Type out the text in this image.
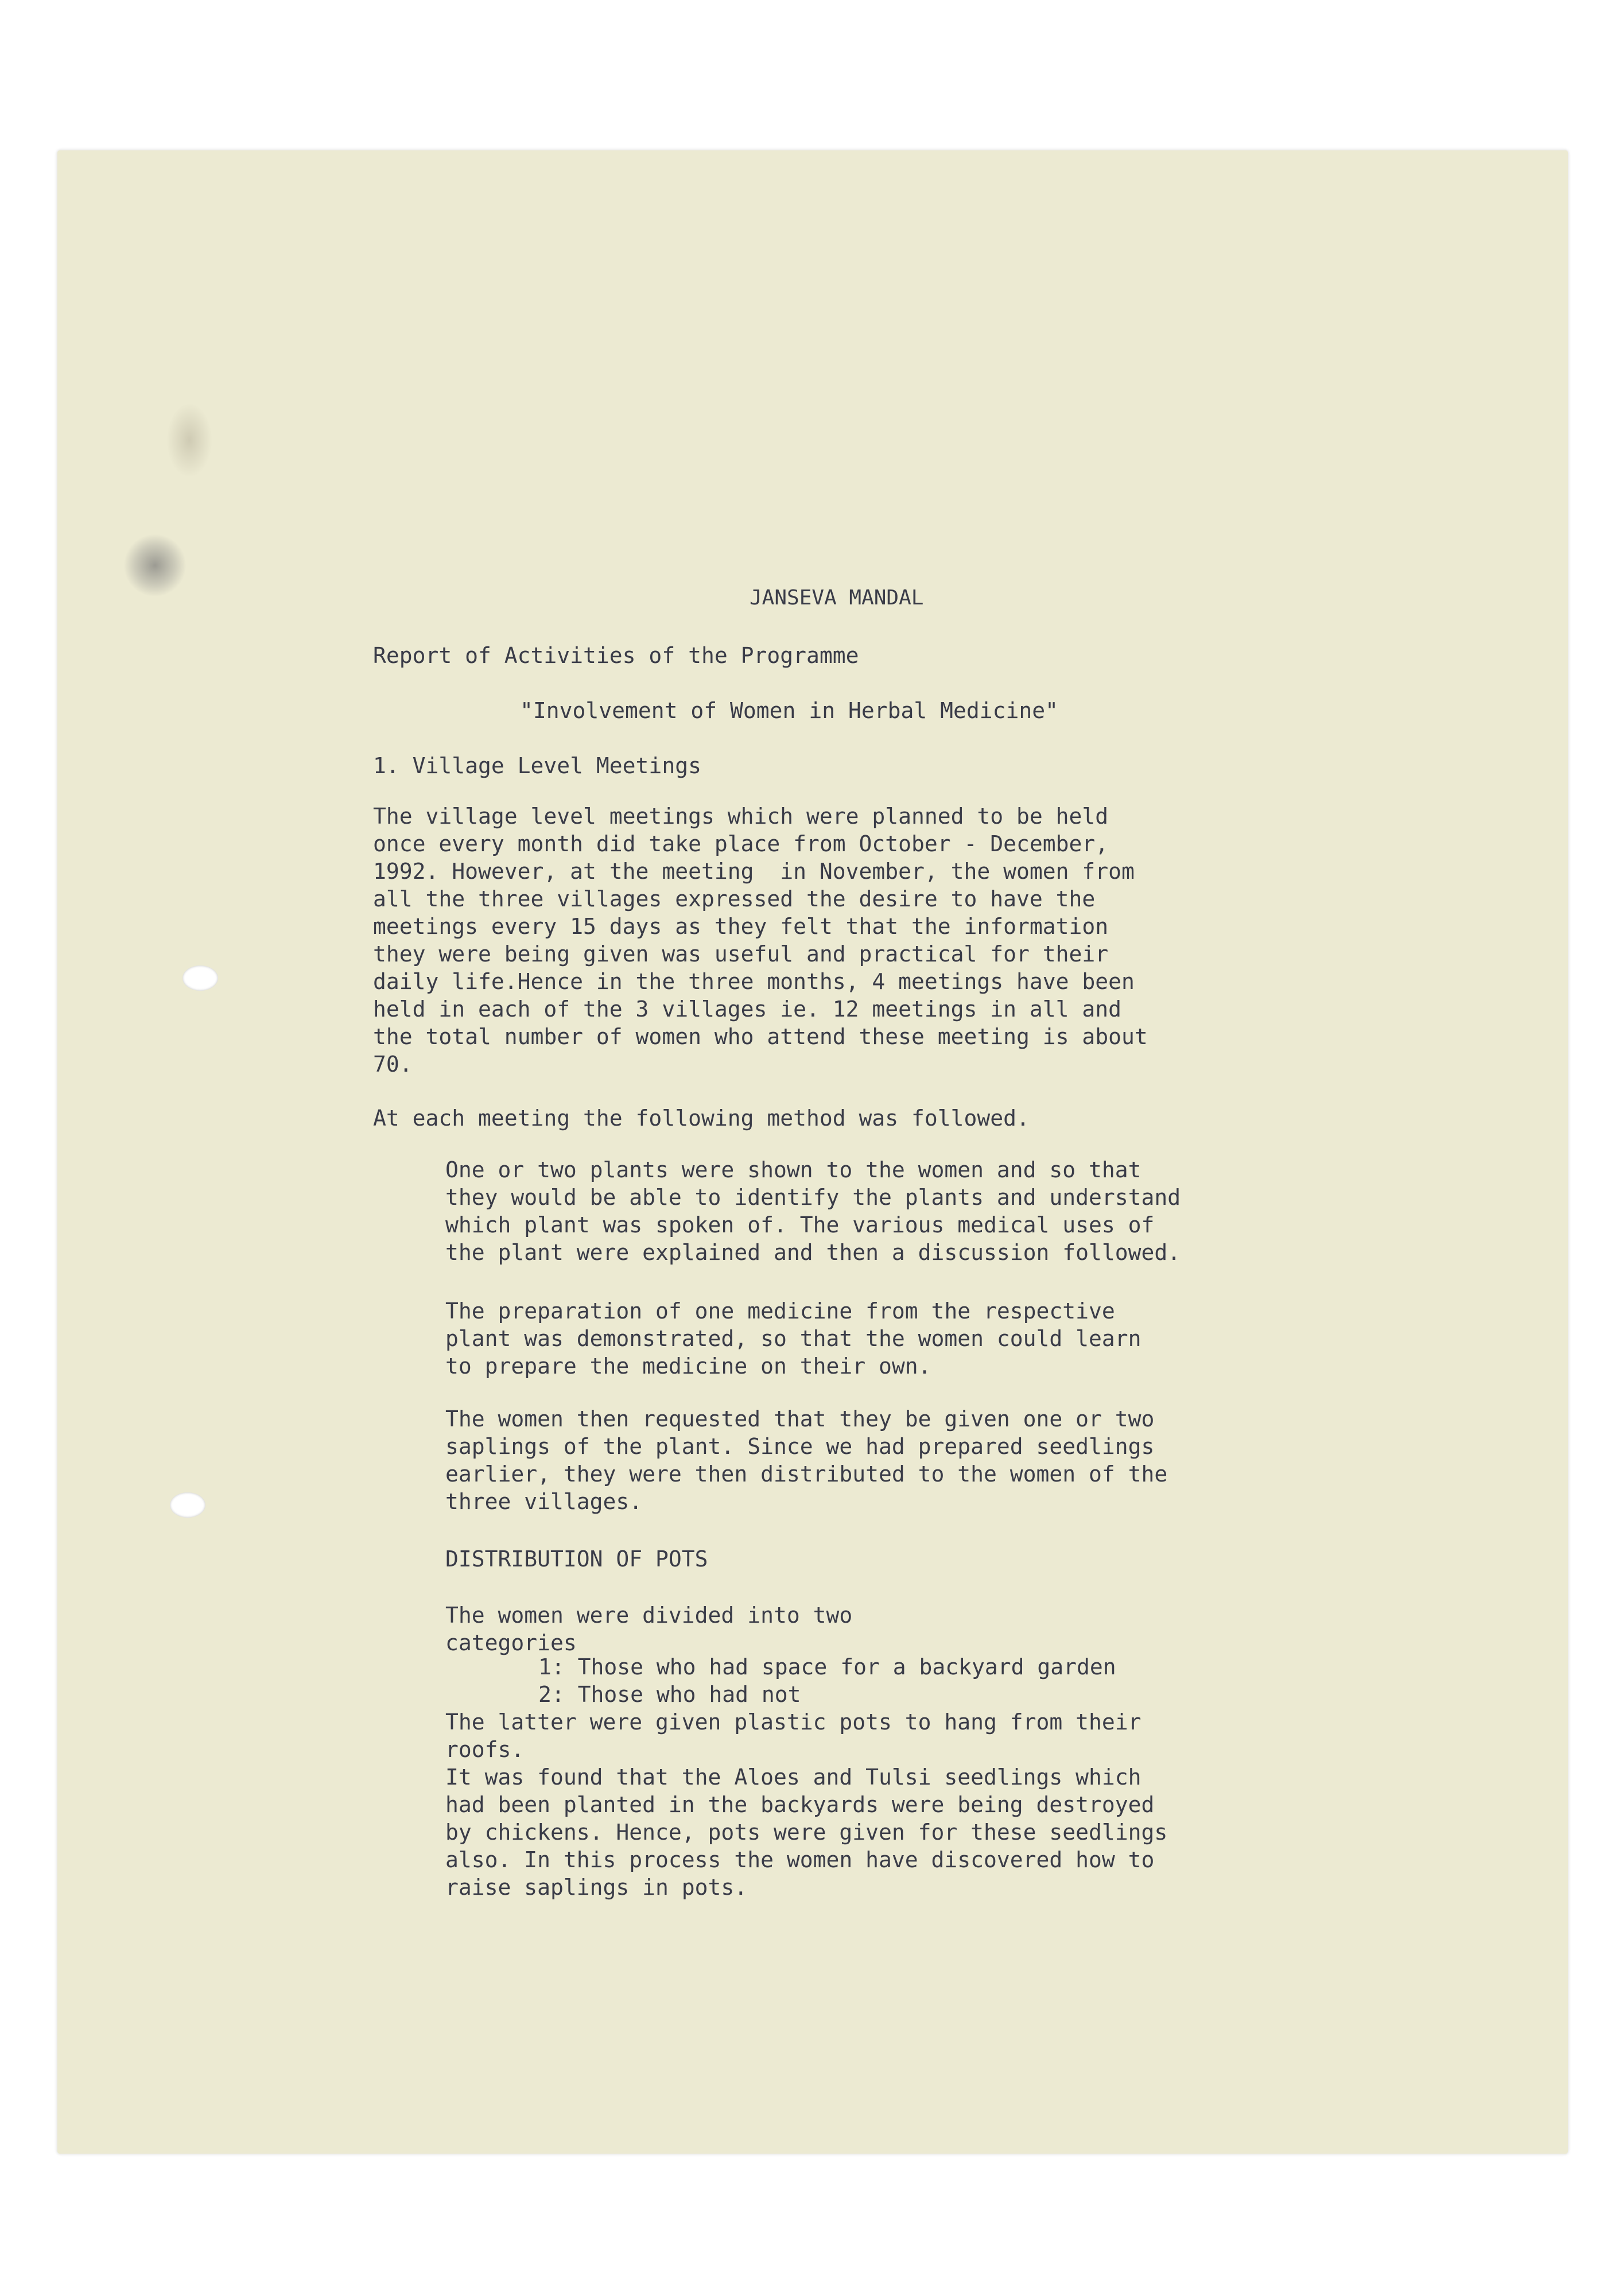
JANSEVA MANDAL

Report of Activities of the Programme

"Involvement of Women in Herbal Medicine"

1. Village Level Meetings

The village level meetings which were planned to be held
once every month did take place from October - December,
1992. However, at the meeting  in November, the women from
all the three villages expressed the desire to have the
meetings every 15 days as they felt that the information
they were being given was useful and practical for their
daily life.Hence in the three months, 4 meetings have been
held in each of the 3 villages ie. 12 meetings in all and
the total number of women who attend these meeting is about
70.

At each meeting the following method was followed.

One or two plants were shown to the women and so that
they would be able to identify the plants and understand
which plant was spoken of. The various medical uses of
the plant were explained and then a discussion followed.

The preparation of one medicine from the respective
plant was demonstrated, so that the women could learn
to prepare the medicine on their own.

The women then requested that they be given one or two
saplings of the plant. Since we had prepared seedlings
earlier, they were then distributed to the women of the
three villages.

DISTRIBUTION OF POTS

The women were divided into two
categories

1: Those who had space for a backyard garden

2: Those who had not

The latter were given plastic pots to hang from their
roofs.
It was found that the Aloes and Tulsi seedlings which
had been planted in the backyards were being destroyed
by chickens. Hence, pots were given for these seedlings
also. In this process the women have discovered how to
raise saplings in pots.
